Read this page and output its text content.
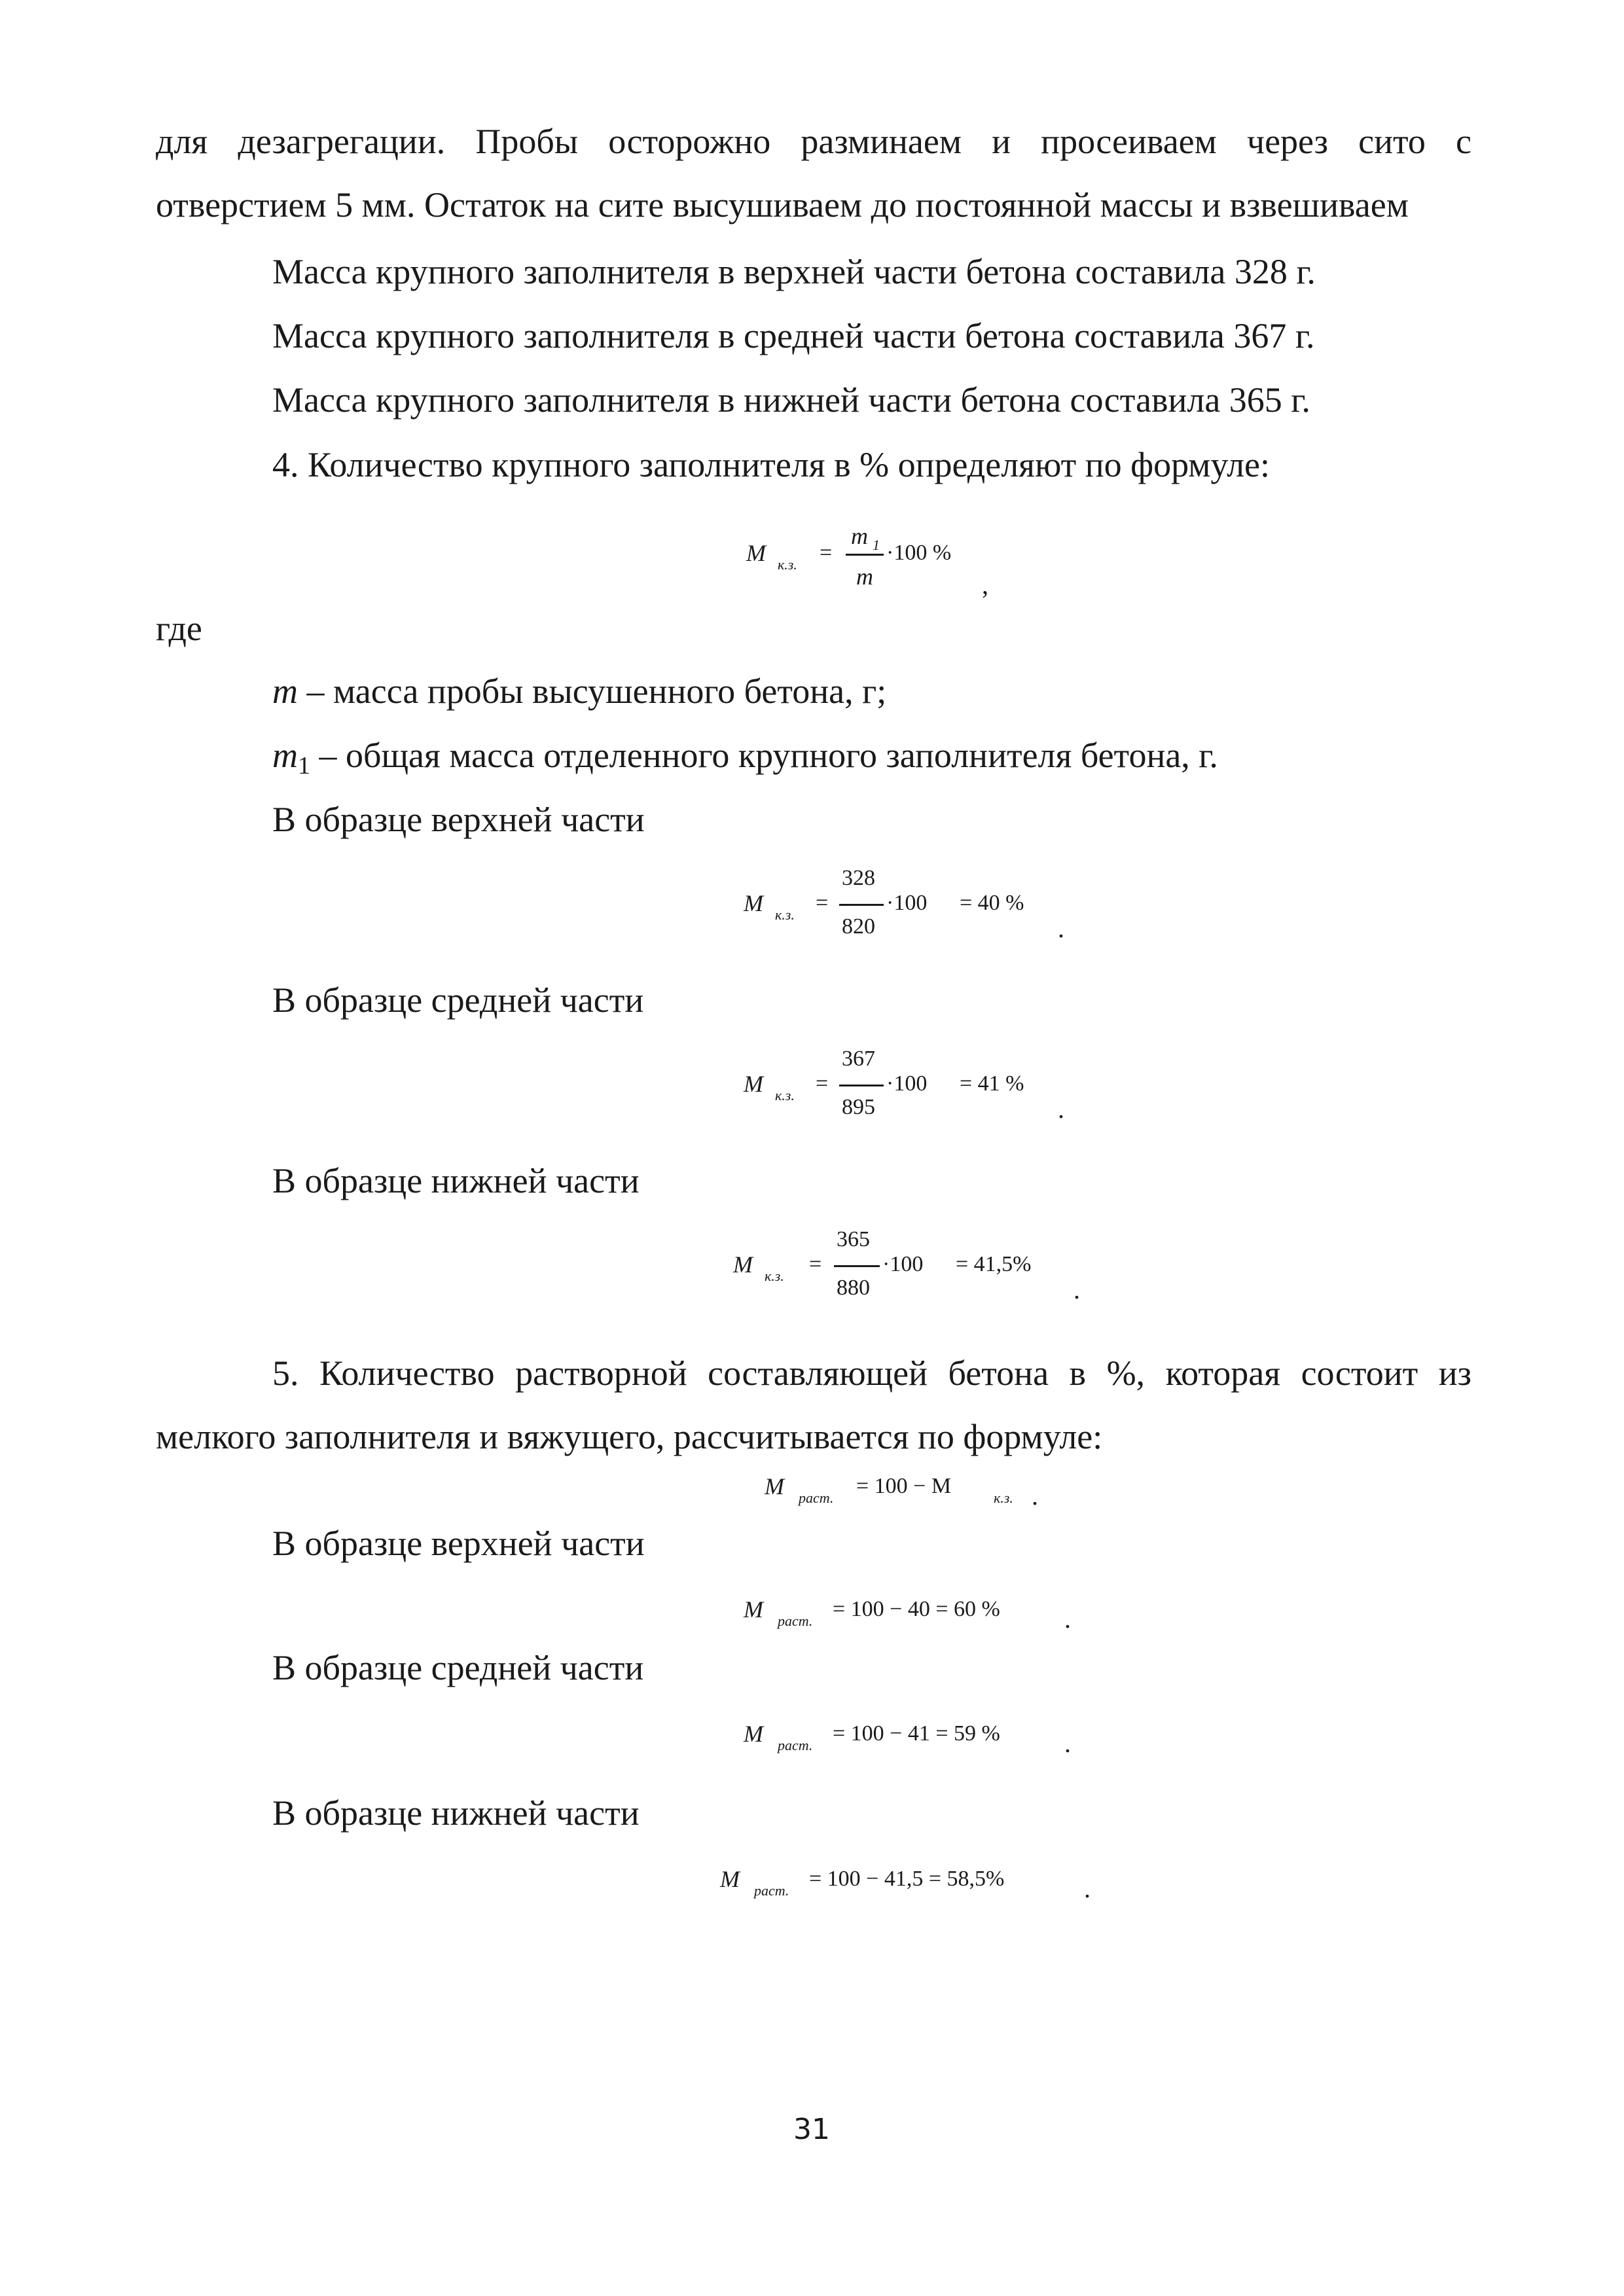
для дезагрегации. Пробы осторожно разминаем и просеиваем через сито с
отверстием 5 мм. Остаток на сите высушиваем до постоянной массы и взвешиваем

Масса крупного заполнителя в верхней части бетона составила 328 г.
Масса крупного заполнителя в средней части бетона составила 367 г.
Масса крупного заполнителя в нижней части бетона составила 365 г.
4. Количество крупного заполнителя в % определяют по формуле:
M к.з. =
m 1
m
·100 %
,
где
m – масса пробы высушенного бетона, г;
$m_1$ – общая масса отделенного крупного заполнителя бетона, г.
В образце верхней части
M к.з. =
328
820
·100 = 40 %
.
В образце средней части
M к.з. =
367
895
·100 = 41 %
.
В образце нижней части
M к.з. =
365
880
·100 = 41,5%
.

5. Количество растворной составляющей бетона в %, которая состоит из
мелкого заполнителя и вяжущего, рассчитывается по формуле:

M раст. = 100 − M	к.з. .
В образце верхней части
M раст. = 100 − 40 = 60 % .
В образце средней части
M раст. = 100 − 41 = 59 % .
В образце нижней части
M раст. = 100 − 41,5 = 58,5%	.
31
